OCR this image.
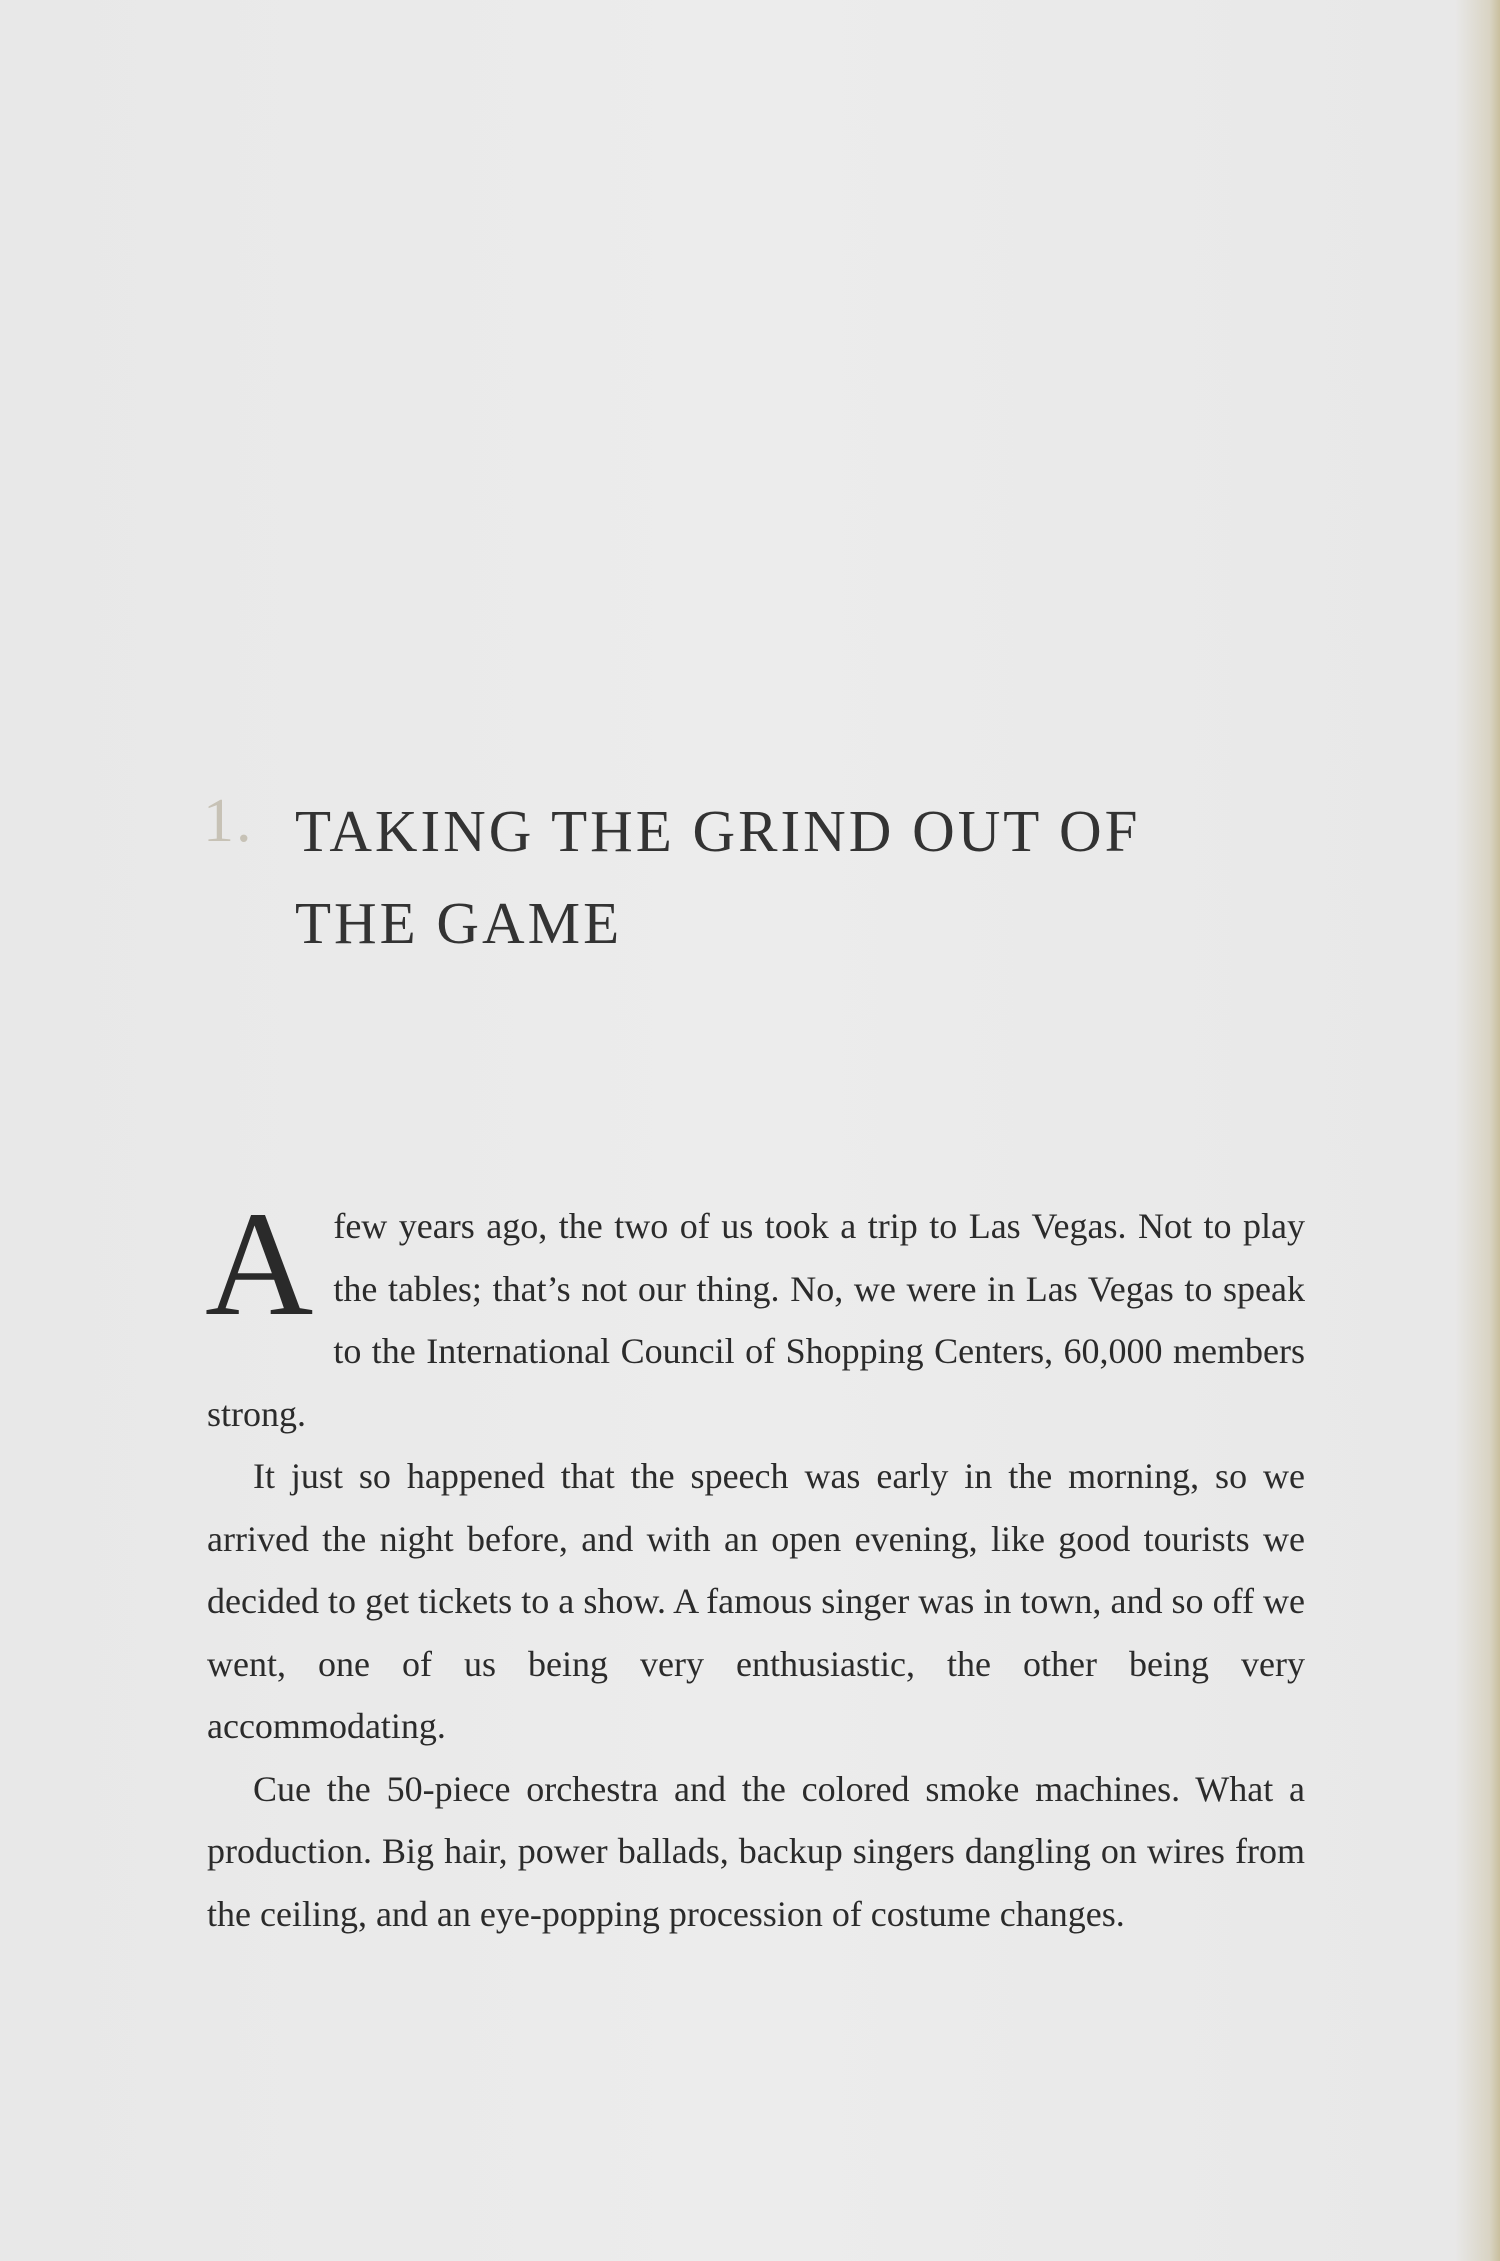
1. TAKING THE GRIND OUT OF
THE GAME

Afew years ago, the two of us took a trip to Las Vegas. Not to play the tables; that’s not our thing. No, we were in Las Vegas to speak to the International Council of Shopping Centers, 60,000 members strong.

It just so happened that the speech was early in the morning, so we arrived the night before, and with an open evening, like good tourists we decided to get tickets to a show. A famous singer was in town, and so off we went, one of us being very enthusiastic, the other being very accommodating.

Cue the 50-piece orchestra and the colored smoke machines. What a production. Big hair, power ballads, backup singers dangling on wires from the ceiling, and an eye-popping procession of costume changes.
